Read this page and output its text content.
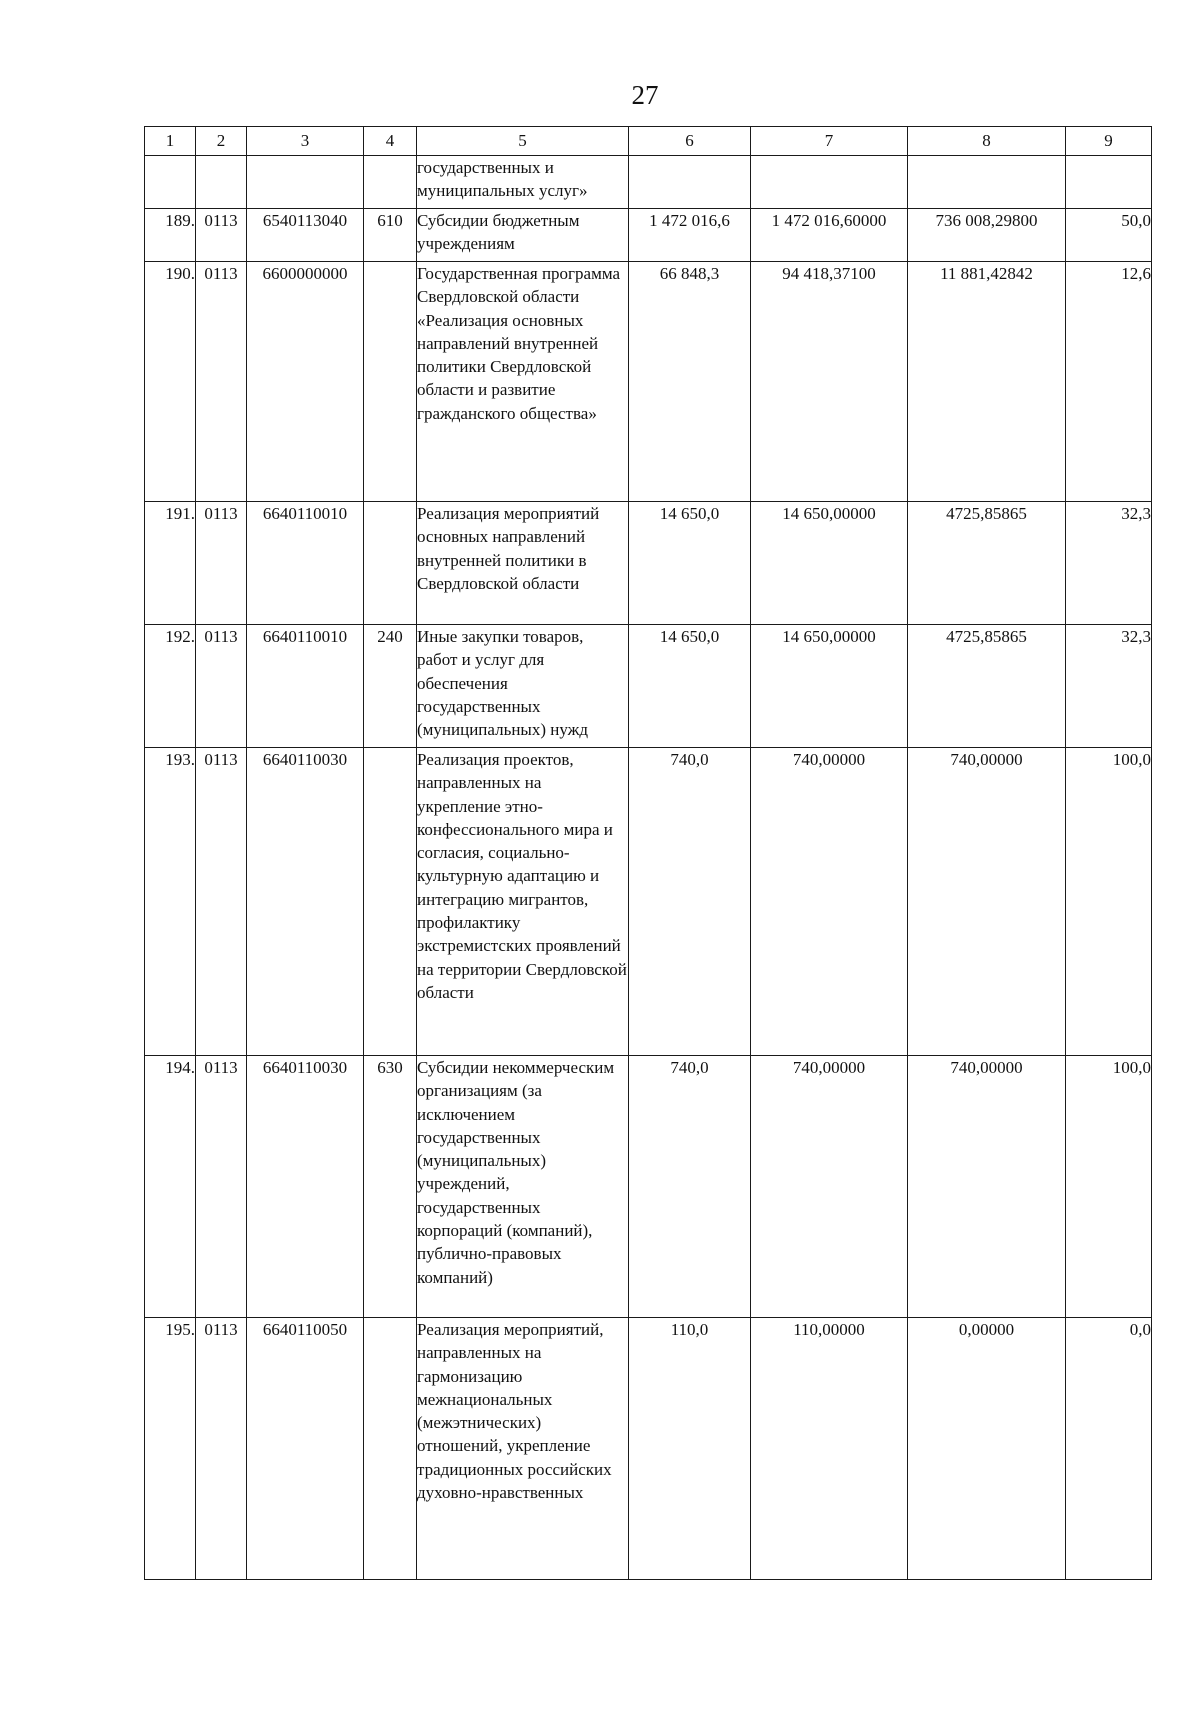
27
1	2	3	4	5	6	7	8	9
				государственных и муниципальных услуг»				
189.	0113	6540113040	610	Субсидии бюджетным учреждениям	1 472 016,6	1 472 016,60000	736 008,29800	50,0
190.	0113	6600000000		Государственная программа Свердловской области «Реализация основных направлений внутренней политики Свердловской области и развитие гражданского общества»	66 848,3	94 418,37100	11 881,42842	12,6
191.	0113	6640110010		Реализация мероприятий основных направлений внутренней политики в Свердловской области	14 650,0	14 650,00000	4725,85865	32,3
192.	0113	6640110010	240	Иные закупки товаров, работ и услуг для обеспечения государственных (муниципальных) нужд	14 650,0	14 650,00000	4725,85865	32,3
193.	0113	6640110030		Реализация проектов, направленных на укрепление этно-конфессионального мира и согласия, социально-культурную адаптацию и интеграцию мигрантов, профилактику экстремистских проявлений на территории Свердловской области	740,0	740,00000	740,00000	100,0
194.	0113	6640110030	630	Субсидии некоммерческим организациям (за исключением государственных (муниципальных) учреждений, государственных корпораций (компаний), публично-правовых компаний)	740,0	740,00000	740,00000	100,0
195.	0113	6640110050		Реализация мероприятий, направленных на гармонизацию межнациональных (межэтнических) отношений, укрепление традиционных российских духовно-нравственных	110,0	110,00000	0,00000	0,0
